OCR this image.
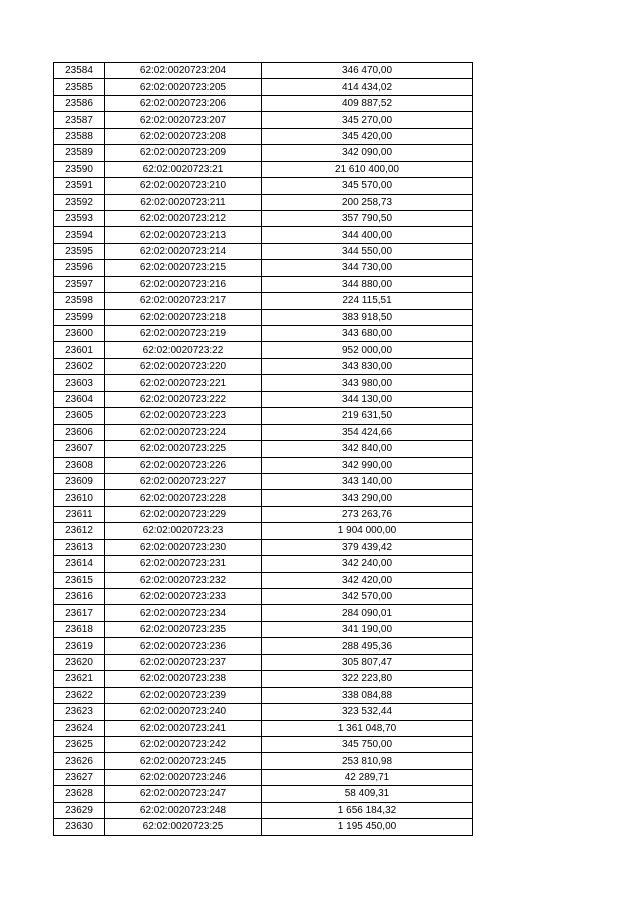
23584	62:02:0020723:204	346 470,00
23585	62:02:0020723:205	414 434,02
23586	62:02:0020723:206	409 887,52
23587	62:02:0020723:207	345 270,00
23588	62:02:0020723:208	345 420,00
23589	62:02:0020723:209	342 090,00
23590	62:02:0020723:21	21 610 400,00
23591	62:02:0020723:210	345 570,00
23592	62:02:0020723:211	200 258,73
23593	62:02:0020723:212	357 790,50
23594	62:02:0020723:213	344 400,00
23595	62:02:0020723:214	344 550,00
23596	62:02:0020723:215	344 730,00
23597	62:02:0020723:216	344 880,00
23598	62:02:0020723:217	224 115,51
23599	62:02:0020723:218	383 918,50
23600	62:02:0020723:219	343 680,00
23601	62:02:0020723:22	952 000,00
23602	62:02:0020723:220	343 830,00
23603	62:02:0020723:221	343 980,00
23604	62:02:0020723:222	344 130,00
23605	62:02:0020723:223	219 631,50
23606	62:02:0020723:224	354 424,66
23607	62:02:0020723:225	342 840,00
23608	62:02:0020723:226	342 990,00
23609	62:02:0020723:227	343 140,00
23610	62:02:0020723:228	343 290,00
23611	62:02:0020723:229	273 263,76
23612	62:02:0020723:23	1 904 000,00
23613	62:02:0020723:230	379 439,42
23614	62:02:0020723:231	342 240,00
23615	62:02:0020723:232	342 420,00
23616	62:02:0020723:233	342 570,00
23617	62:02:0020723:234	284 090,01
23618	62:02:0020723:235	341 190,00
23619	62:02:0020723:236	288 495,36
23620	62:02:0020723:237	305 807,47
23621	62:02:0020723:238	322 223,80
23622	62:02:0020723:239	338 084,88
23623	62:02:0020723:240	323 532,44
23624	62:02:0020723:241	1 361 048,70
23625	62:02:0020723:242	345 750,00
23626	62:02:0020723:245	253 810,98
23627	62:02:0020723:246	42 289,71
23628	62:02:0020723:247	58 409,31
23629	62:02:0020723:248	1 656 184,32
23630	62:02:0020723:25	1 195 450,00
